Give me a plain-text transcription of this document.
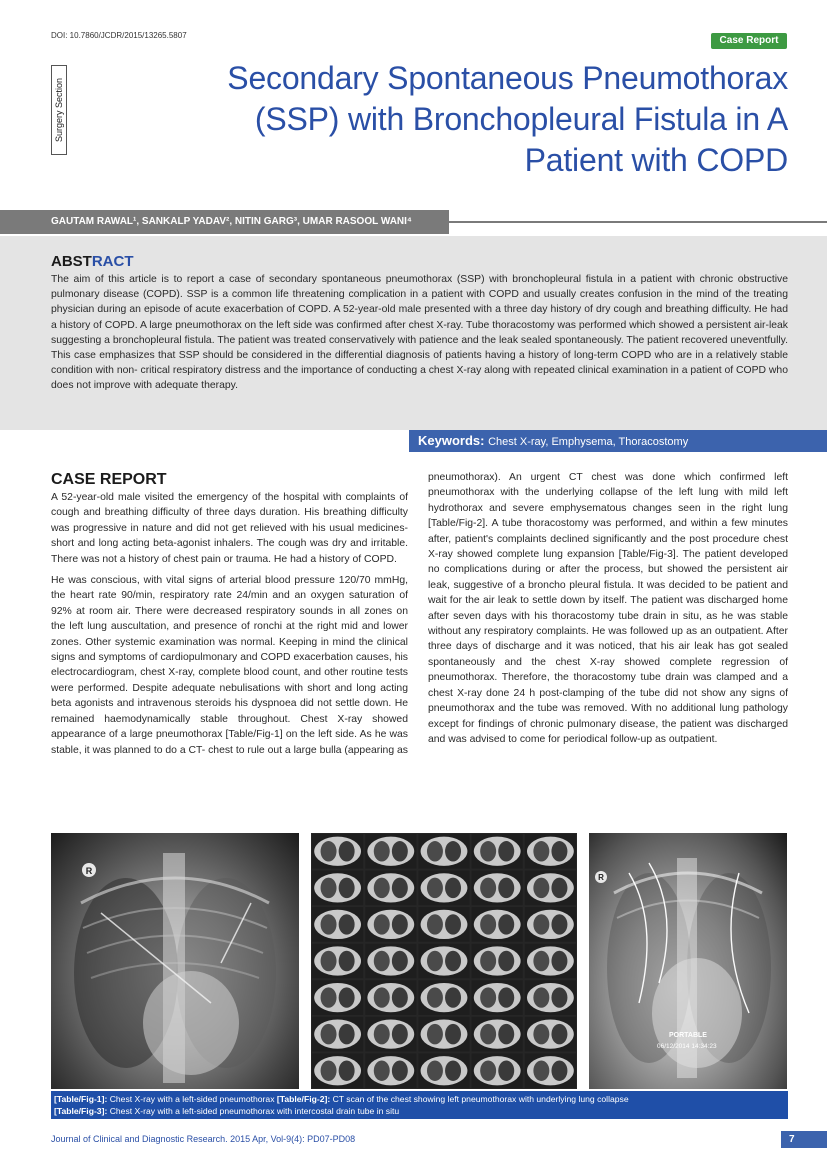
DOI: 10.7860/JCDR/2015/13265.5807	Case Report
Surgery Section	Secondary Spontaneous Pneumothorax (SSP) with Bronchopleural Fistula in A Patient with COPD
GAUTAM RAWAL¹, SANKALP YADAV², NITIN GARG³, UMAR RASOOL WANI⁴
ABSTRACT

The aim of this article is to report a case of secondary spontaneous pneumothorax (SSP) with bronchopleural fistula in a patient with chronic obstructive pulmonary disease (COPD). SSP is a common life threatening complication in a patient with COPD and usually creates confusion in the mind of the treating physician during an episode of acute exacerbation of COPD. A 52-year-old male presented with a three day history of dry cough and breathing difficulty. He had a history of COPD. A large pneumothorax on the left side was confirmed after chest X-ray. Tube thoracostomy was performed which showed a persistent air-leak suggesting a bronchopleural fistula. The patient was treated conservatively with patience and the leak sealed spontaneously. The patient recovered uneventfully. This case emphasizes that SSP should be considered in the differential diagnosis of patients having a history of long-term COPD who are in a relatively stable condition with non- critical respiratory distress and the importance of conducting a chest X-ray along with repeated clinical examination in a patient of COPD who does not improve with adequate therapy.

Keywords: Chest X-ray, Emphysema, Thoracostomy
CASE REPORT

A 52-year-old male visited the emergency of the hospital with complaints of cough and breathing difficulty of three days duration. His breathing difficulty was progressive in nature and did not get relieved with his usual medicines- short and long acting beta-agonist inhalers. The cough was dry and irritable. There was not a history of chest pain or trauma. He had a history of COPD.

He was conscious, with vital signs of arterial blood pressure 120/70 mmHg, the heart rate 90/min, respiratory rate 24/min and an oxygen saturation of 92% at room air. There were decreased respiratory sounds in all zones on the left lung auscultation, and presence of ronchi at the right mid and lower zones. Other systemic examination was normal. Keeping in mind the clinical signs and symptoms of cardiopulmonary and COPD exacerbation causes, his electrocardiogram, chest X-ray, complete blood count, and other routine tests were performed. Despite adequate nebulisations with short and long acting beta agonists and intravenous steroids his dyspnoea did not settle down. He remained haemodynamically stable throughout. Chest X-ray showed appearance of a large pneumothorax [Table/Fig-1] on the left side. As he was stable, it was planned to do a CT- chest to rule out a large bulla (appearing as

pneumothorax). An urgent CT chest was done which confirmed left pneumothorax with the underlying collapse of the left lung with mild left hydrothorax and severe emphysematous changes seen in the right lung [Table/Fig-2]. A tube thoracostomy was performed, and within a few minutes after, patient's complaints declined significantly and the post procedure chest X-ray showed complete lung expansion [Table/Fig-3]. The patient developed no complications during or after the process, but showed the persistent air leak, suggestive of a broncho pleural fistula. It was decided to be patient and wait for the air leak to settle down by itself. The patient was discharged home after seven days with his thoracostomy tube drain in situ, as he was stable without any respiratory complaints. He was followed up as an outpatient. After three days of discharge and it was noticed, that his air leak has got sealed spontaneously and the chest X-ray showed complete regression of pneumothorax. Therefore, the thoracostomy tube drain was clamped and a chest X-ray done 24 h post-clamping of the tube did not show any signs of pneumothorax and the tube was removed. With no additional lung pathology except for findings of chronic pulmonary disease, the patient was discharged and was advised to come for periodical follow-up as outpatient.

R
R
PORTABLE
06/12/2014 14:34:23
[Table/Fig-1]: Chest X-ray with a left-sided pneumothorax [Table/Fig-2]: CT scan of the chest showing left pneumothorax with underlying lung collapse
[Table/Fig-3]: Chest X-ray with a left-sided pneumothorax with intercostal drain tube in situ
Journal of Clinical and Diagnostic Research. 2015 Apr, Vol-9(4): PD07-PD08	7
